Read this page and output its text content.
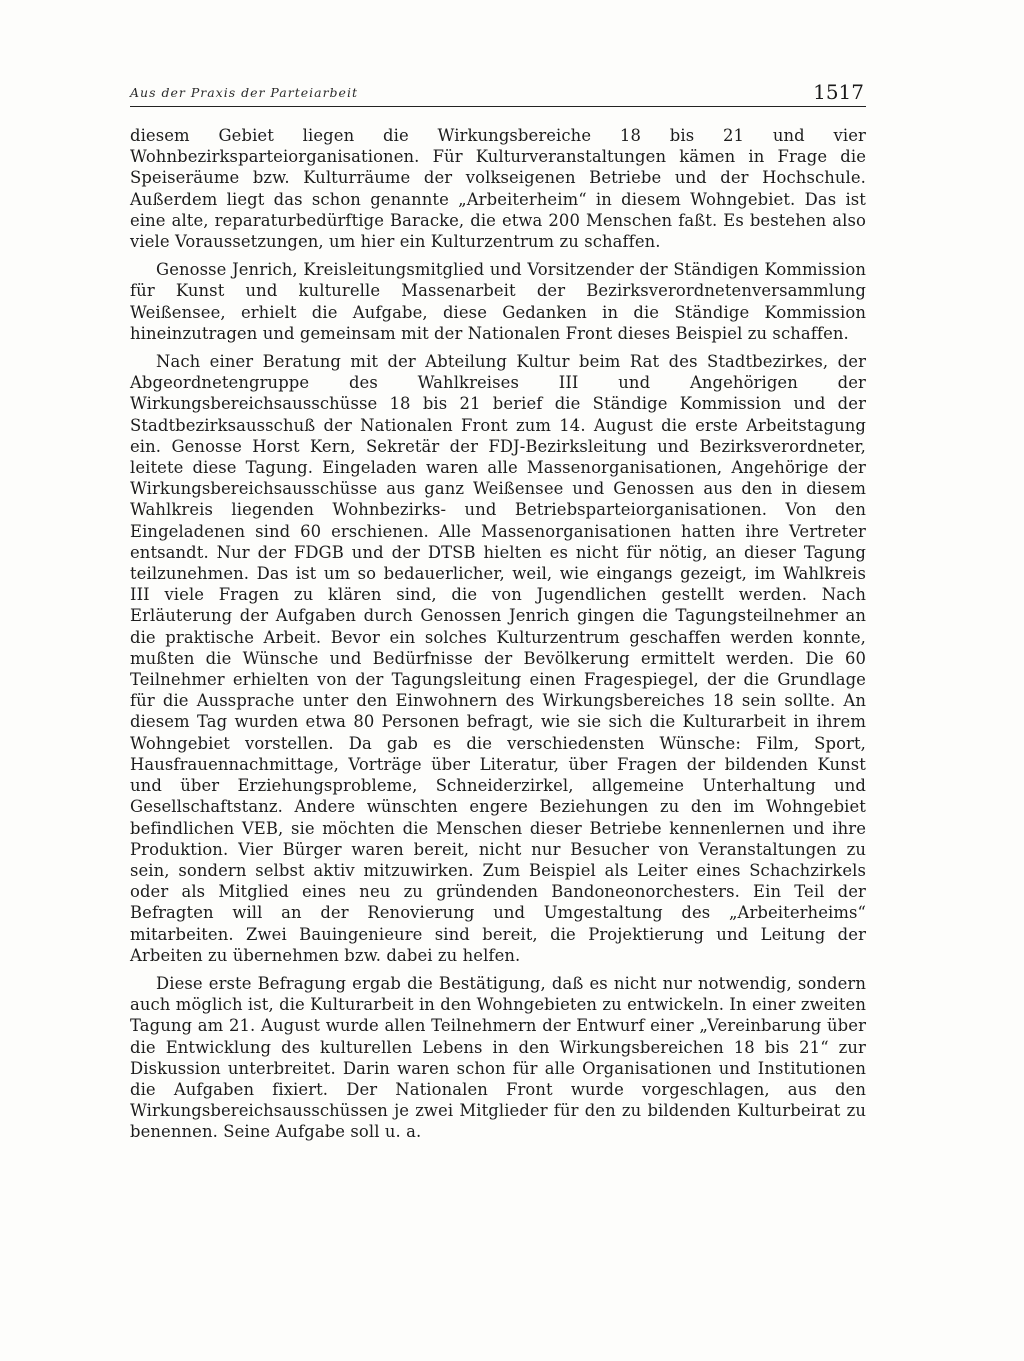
Aus der Praxis der Parteiarbeit	1517

diesem Gebiet liegen die Wirkungsbereiche 18 bis 21 und vier Wohnbezirksparteiorganisationen. Für Kulturveranstaltungen kämen in Frage die Speiseräume bzw. Kulturräume der volkseigenen Betriebe und der Hochschule. Außerdem liegt das schon genannte „Arbeiterheim“ in diesem Wohngebiet. Das ist eine alte, reparaturbedürftige Baracke, die etwa 200 Menschen faßt. Es bestehen also viele Voraussetzungen, um hier ein Kulturzentrum zu schaffen.

Genosse Jenrich, Kreisleitungsmitglied und Vorsitzender der Ständigen Kommission für Kunst und kulturelle Massenarbeit der Bezirksverordnetenversammlung Weißensee, erhielt die Aufgabe, diese Gedanken in die Ständige Kommission hineinzutragen und gemeinsam mit der Nationalen Front dieses Beispiel zu schaffen.

Nach einer Beratung mit der Abteilung Kultur beim Rat des Stadtbezirkes, der Abgeordnetengruppe des Wahlkreises III und Angehörigen der Wirkungsbereichsausschüsse 18 bis 21 berief die Ständige Kommission und der Stadtbezirksausschuß der Nationalen Front zum 14. August die erste Arbeitstagung ein. Genosse Horst Kern, Sekretär der FDJ-Bezirksleitung und Bezirksverordneter, leitete diese Tagung. Eingeladen waren alle Massenorganisationen, Angehörige der Wirkungsbereichsausschüsse aus ganz Weißensee und Genossen aus den in diesem Wahlkreis liegenden Wohnbezirks- und Betriebsparteiorganisationen. Von den Eingeladenen sind 60 erschienen. Alle Massenorganisationen hatten ihre Vertreter entsandt. Nur der FDGB und der DTSB hielten es nicht für nötig, an dieser Tagung teilzunehmen. Das ist um so bedauerlicher, weil, wie eingangs gezeigt, im Wahlkreis III viele Fragen zu klären sind, die von Jugendlichen gestellt werden. Nach Erläuterung der Aufgaben durch Genossen Jenrich gingen die Tagungsteilnehmer an die praktische Arbeit. Bevor ein solches Kulturzentrum geschaffen werden konnte, mußten die Wünsche und Bedürfnisse der Bevölkerung ermittelt werden. Die 60 Teilnehmer erhielten von der Tagungsleitung einen Fragespiegel, der die Grundlage für die Aussprache unter den Einwohnern des Wirkungsbereiches 18 sein sollte. An diesem Tag wurden etwa 80 Personen befragt, wie sie sich die Kulturarbeit in ihrem Wohngebiet vorstellen. Da gab es die verschiedensten Wünsche: Film, Sport, Hausfrauennachmittage, Vorträge über Literatur, über Fragen der bildenden Kunst und über Erziehungsprobleme, Schneiderzirkel, allgemeine Unterhaltung und Gesellschaftstanz. Andere wünschten engere Beziehungen zu den im Wohngebiet befindlichen VEB, sie möchten die Menschen dieser Betriebe kennenlernen und ihre Produktion. Vier Bürger waren bereit, nicht nur Besucher von Veranstaltungen zu sein, sondern selbst aktiv mitzuwirken. Zum Beispiel als Leiter eines Schachzirkels oder als Mitglied eines neu zu gründenden Bandoneonorchesters. Ein Teil der Befragten will an der Renovierung und Umgestaltung des „Arbeiterheims“ mitarbeiten. Zwei Bauingenieure sind bereit, die Projektierung und Leitung der Arbeiten zu übernehmen bzw. dabei zu helfen.

Diese erste Befragung ergab die Bestätigung, daß es nicht nur notwendig, sondern auch möglich ist, die Kulturarbeit in den Wohngebieten zu entwickeln. In einer zweiten Tagung am 21. August wurde allen Teilnehmern der Entwurf einer „Vereinbarung über die Entwicklung des kulturellen Lebens in den Wirkungsbereichen 18 bis 21“ zur Diskussion unterbreitet. Darin waren schon für alle Organisationen und Institutionen die Aufgaben fixiert. Der Nationalen Front wurde vorgeschlagen, aus den Wirkungsbereichsausschüssen je zwei Mitglieder für den zu bildenden Kulturbeirat zu benennen. Seine Aufgabe soll u. a.
